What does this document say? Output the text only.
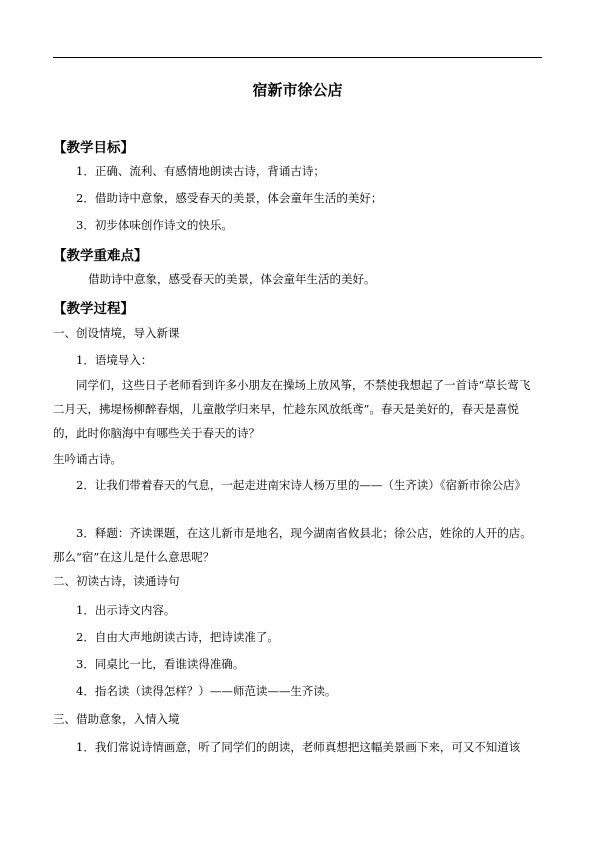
宿新市徐公店
【教学目标】
1．正确、流利、有感情地朗读古诗，背诵古诗；
2．借助诗中意象，感受春天的美景，体会童年生活的美好；
3．初步体味创作诗文的快乐。
【教学重难点】
借助诗中意象，感受春天的美景，体会童年生活的美好。
【教学过程】
一、创设情境，导入新课
1．语境导入：
同学们，这些日子老师看到许多小朋友在操场上放风筝，不禁使我想起了一首诗“草长莺飞二月天，拂堤杨柳醉春烟，儿童散学归来早，忙趁东风放纸鸢”。春天是美好的，春天是喜悦的，此时你脑海中有哪些关于春天的诗？
生吟诵古诗。
2．让我们带着春天的气息，一起走进南宋诗人杨万里的——（生齐读）《宿新市徐公店》
3．释题：齐读课题，在这儿新市是地名，现今湖南省攸县北；徐公店，姓徐的人开的店。那么“宿”在这儿是什么意思呢？
二、初读古诗，读通诗句
1．出示诗文内容。
2．自由大声地朗读古诗，把诗读准了。
3．同桌比一比，看谁读得准确。
4．指名读（读得怎样？）——师范读——生齐读。
三、借助意象，入情入境
1．我们常说诗情画意，听了同学们的朗读，老师真想把这幅美景画下来，可又不知道该
